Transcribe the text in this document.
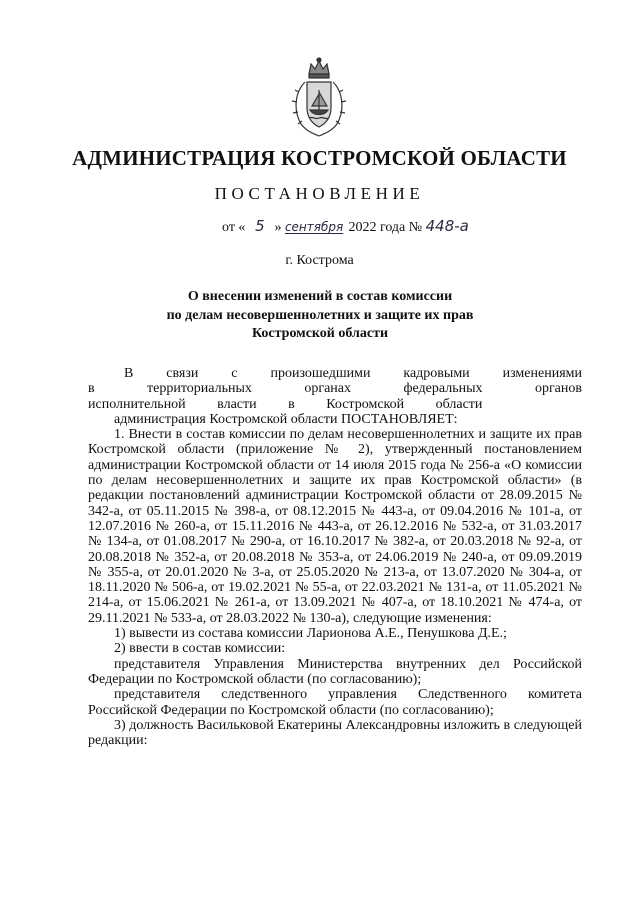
АДМИНИСТРАЦИЯ КОСТРОМСКОЙ ОБЛАСТИ
ПОСТАНОВЛЕНИЕ
от « 5 » сентября 2022 года № 448-а
г. Кострома
О внесении изменений в состав комиссии
по делам несовершеннолетних и защите их прав
Костромской области

В связи с произошедшими кадровыми изменениями в территориальных органах федеральных органов исполнительной власти в Костромской области

администрация Костромской области ПОСТАНОВЛЯЕТ:

1. Внести в состав комиссии по делам несовершеннолетних и защите их прав Костромской области (приложение № 2), утвержденный постановлением администрации Костромской области от 14 июля 2015 года № 256-а «О комиссии по делам несовершеннолетних и защите их прав Костромской области» (в редакции постановлений администрации Костромской области от 28.09.2015 № 342-а, от 05.11.2015 № 398-а, от 08.12.2015 № 443-а, от 09.04.2016 № 101-а, от 12.07.2016 № 260-а, от 15.11.2016 № 443-а, от 26.12.2016 № 532-а, от 31.03.2017 № 134-а, от 01.08.2017 № 290-а, от 16.10.2017 № 382-а, от 20.03.2018 № 92-а, от 20.08.2018 № 352-а, от 20.08.2018 № 353-а, от 24.06.2019 № 240-а, от 09.09.2019 № 355-а, от 20.01.2020 № 3-а, от 25.05.2020 № 213-а, от 13.07.2020 № 304-а, от 18.11.2020 № 506-а, от 19.02.2021 № 55-а, от 22.03.2021 № 131-а, от 11.05.2021 № 214-а, от 15.06.2021 № 261-а, от 13.09.2021 № 407-а, от 18.10.2021 № 474-а, от 29.11.2021 № 533-а, от 28.03.2022 № 130-а), следующие изменения:

1) вывести из состава комиссии Ларионова А.Е., Пенушкова Д.Е.;

2) ввести в состав комиссии:

представителя Управления Министерства внутренних дел Российской Федерации по Костромской области (по согласованию);

представителя следственного управления Следственного комитета Российской Федерации по Костромской области (по согласованию);

3) должность Васильковой Екатерины Александровны изложить в следующей редакции:
